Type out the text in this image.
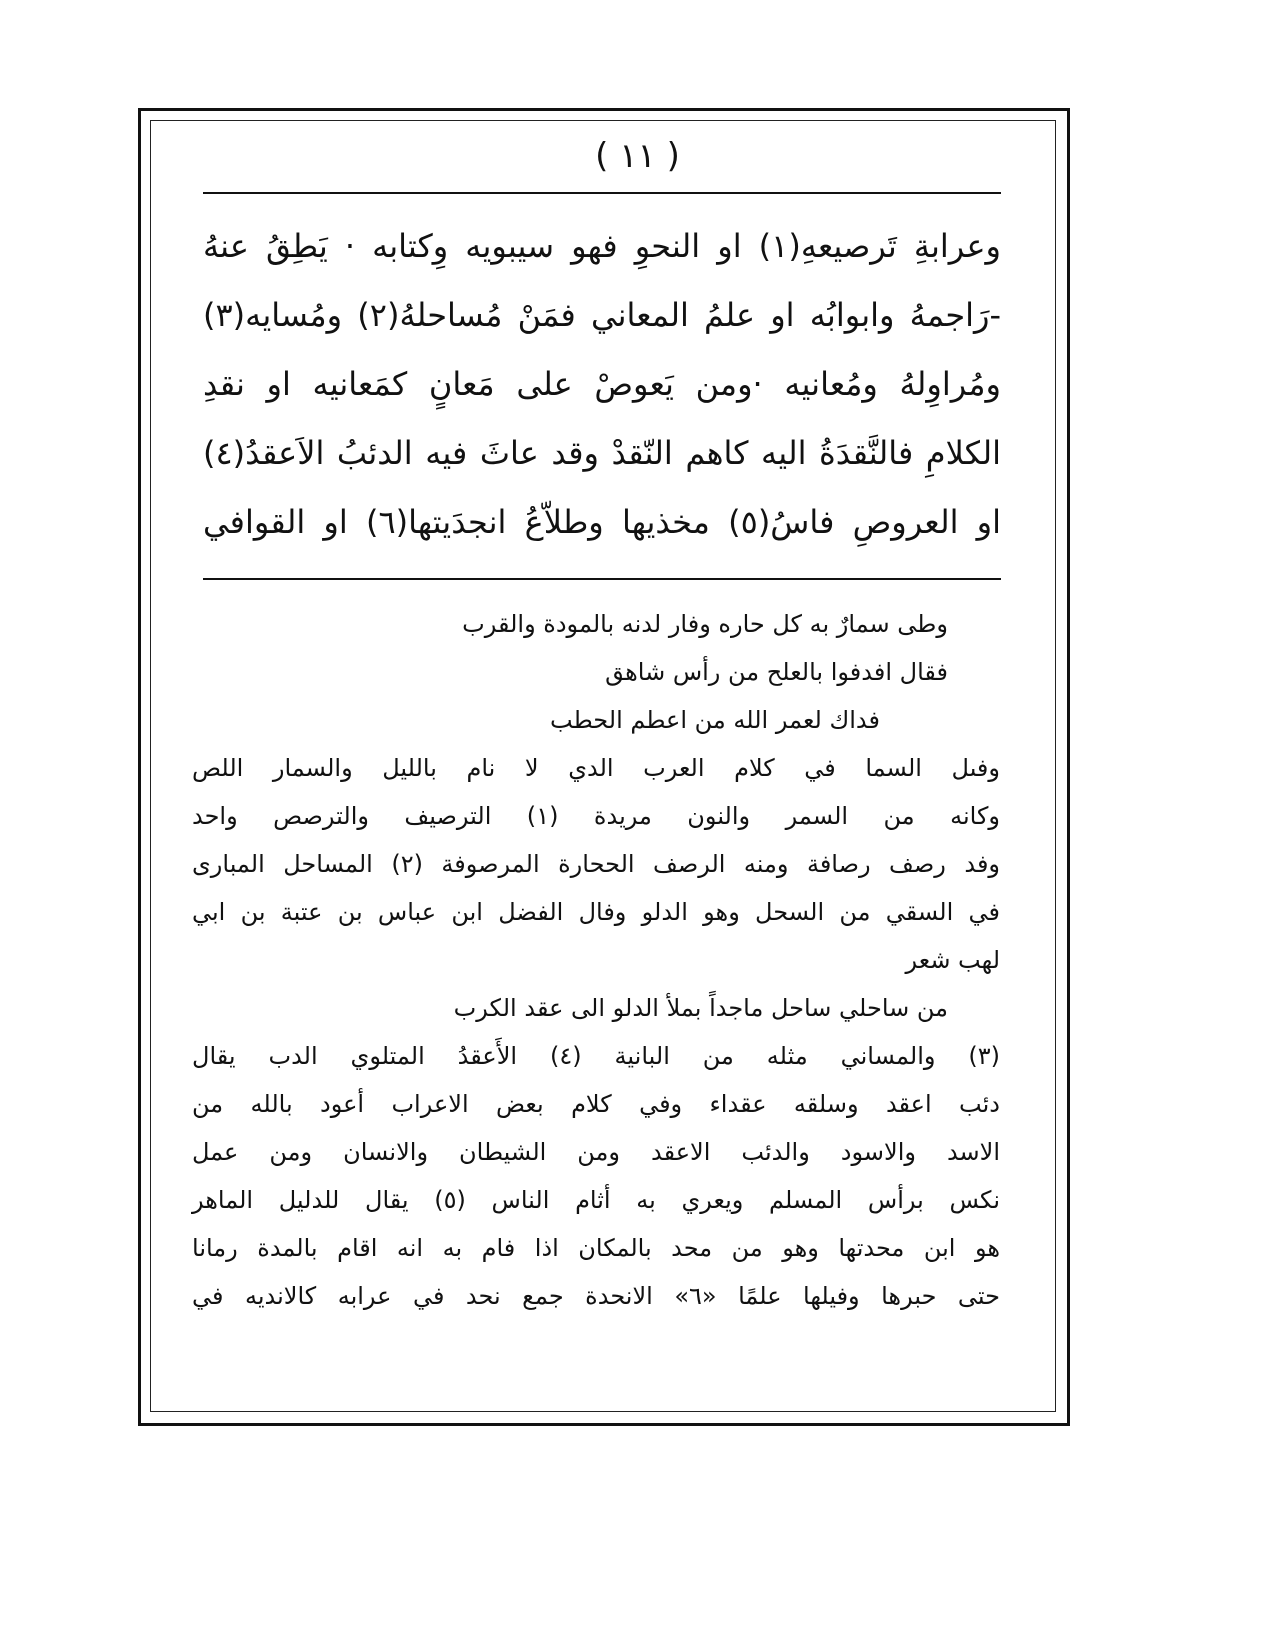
( ١١ )
وعرابةِ تَرصيعهِ(١) او النحوِ فهو سيبويه وِكتابه · يَطِقُ عنهُ
-رَاجمهُ وابوابُه او علمُ المعاني فمَنْ مُساحلهُ(٢) ومُسايه(٣)
ومُراوِلهُ ومُعانيه ·ومن يَعوصْ على مَعانٍ كمَعانيه او نقدِ
الكلامِ فالنَّقدَةُ اليه كاهم النّقدْ وقد عاثَ فيه الدئبُ الاَعقدُ(٤)
او العروصِ فاسُ(٥) مخذيها وطلاّعُ انجدَيتها(٦) او القوافي
وطى سمارٌ به كل حاره وفار لدنه بالمودة والقرب
فقال افدفوا بالعلح من رأس شاهق
فداك لعمر الله من اعطم الحطب
وفىل السما في كلام العرب الدي لا نام بالليل والسمار اللص
وكانه من السمر والنون مريدة (١) الترصيف والترصص واحد
وفد رصف رصافة ومنه الرصف الححارة المرصوفة (٢) المساحل المبارى
في السقي من السحل وهو الدلو وفال الفضل ابن عباس بن عتبة بن ابي
لهب شعر
من ساحلي ساحل ماجداً بملأ الدلو الى عقد الكرب
(٣) والمساني مثله من البانية (٤) الأَعقدُ المتلوي الدب يقال
دئب اعقد وسلقه عقداء وفي كلام بعض الاعراب أعود بالله من
الاسد والاسود والدئب الاعقد ومن الشيطان والانسان ومن عمل
نكس برأس المسلم ويعري به أثام الناس (٥) يقال للدليل الماهر
هو ابن محدتها وهو من محد بالمكان اذا فام به انه اقام بالمدة رمانا
حتى حبرها وفيلها علمًا «٦» الانحدة جمع نحد في عرابه كالانديه في
